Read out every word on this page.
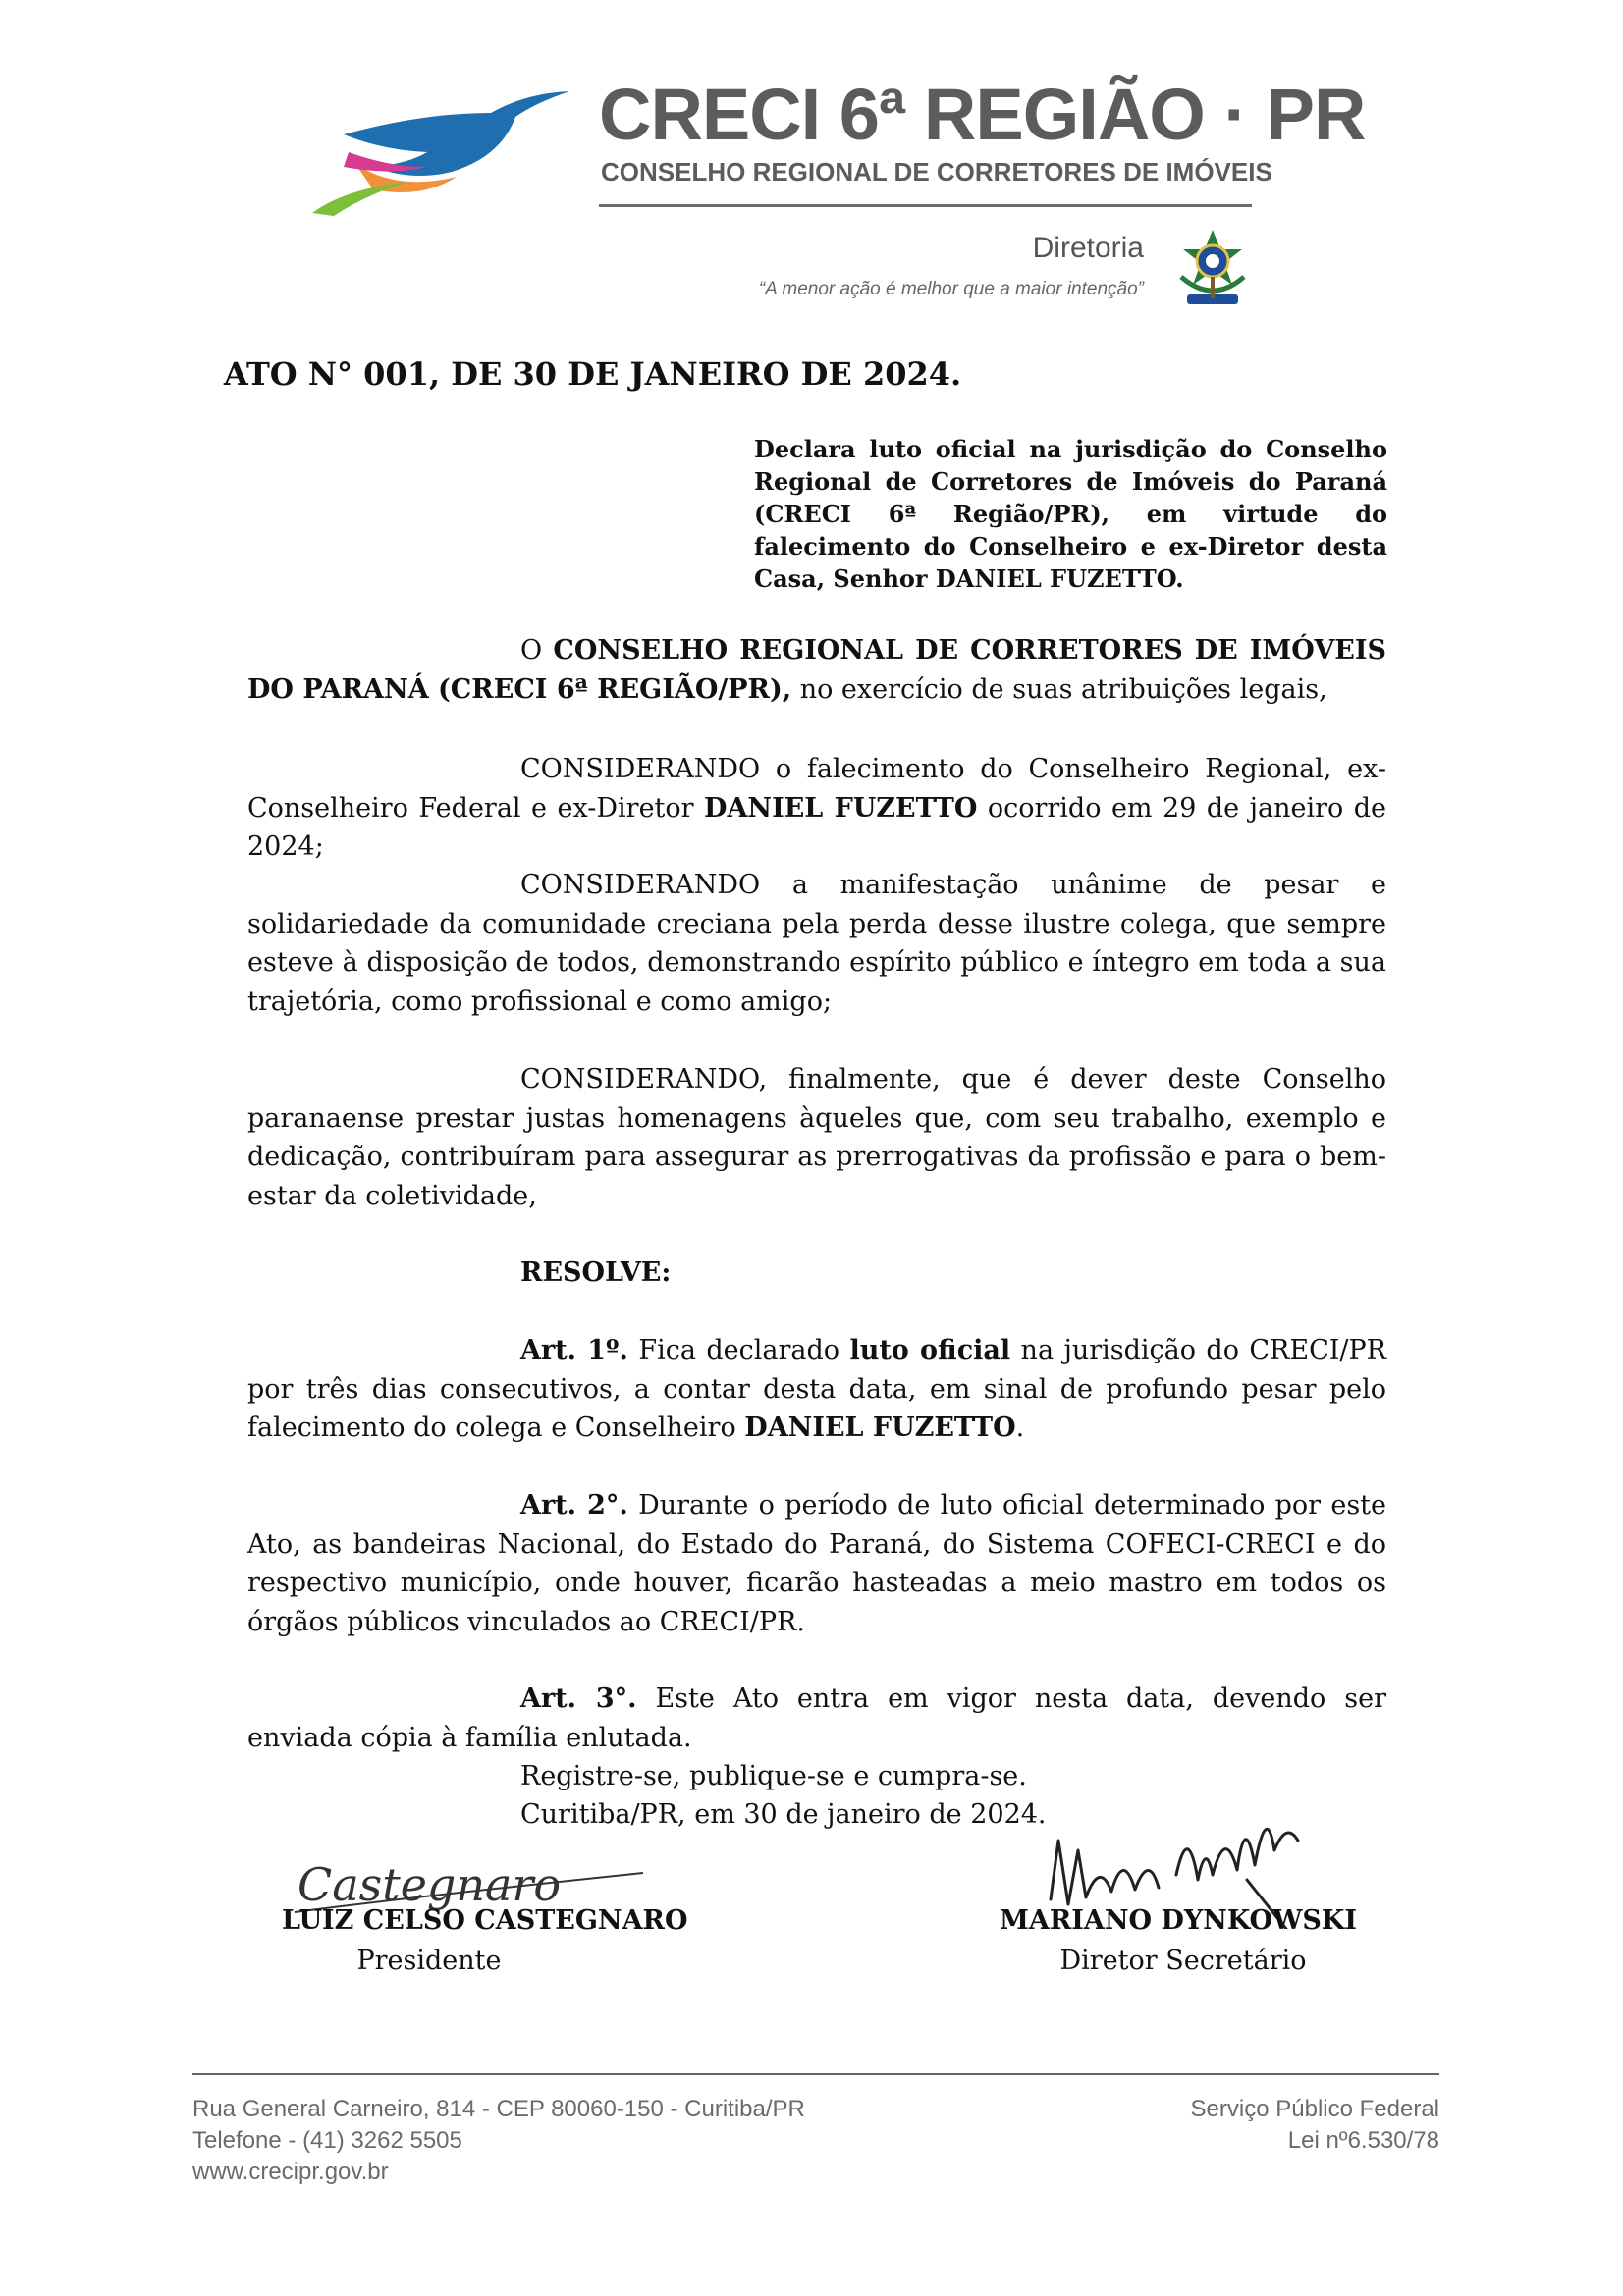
CRECI 6ª REGIÃO · PR
CONSELHO REGIONAL DE CORRETORES DE IMÓVEIS
Diretoria
“A menor ação é melhor que a maior intenção”
ATO N° 001, DE 30 DE JANEIRO DE 2024.
Declara luto oficial na jurisdição do Conselho Regional de Corretores de Imóveis do Paraná (CRECI 6ª Região/PR), em virtude do falecimento do Conselheiro e ex-Diretor desta Casa, Senhor DANIEL FUZETTO.
O CONSELHO REGIONAL DE CORRETORES DE IMÓVEIS DO PARANÁ (CRECI 6ª REGIÃO/PR), no exercício de suas atribuições legais,
CONSIDERANDO o falecimento do Conselheiro Regional, ex-Conselheiro Federal e ex-Diretor DANIEL FUZETTO ocorrido em 29 de janeiro de 2024;
CONSIDERANDO a manifestação unânime de pesar e solidariedade da comunidade creciana pela perda desse ilustre colega, que sempre esteve à disposição de todos, demonstrando espírito público e íntegro em toda a sua trajetória, como profissional e como amigo;
CONSIDERANDO, finalmente, que é dever deste Conselho paranaense prestar justas homenagens àqueles que, com seu trabalho, exemplo e dedicação, contribuíram para assegurar as prerrogativas da profissão e para o bem-estar da coletividade,
RESOLVE:
Art. 1º. Fica declarado luto oficial na jurisdição do CRECI/PR por três dias consecutivos, a contar desta data, em sinal de profundo pesar pelo falecimento do colega e Conselheiro DANIEL FUZETTO.
Art. 2°. Durante o período de luto oficial determinado por este Ato, as bandeiras Nacional, do Estado do Paraná, do Sistema COFECI-CRECI e do respectivo município, onde houver, ficarão hasteadas a meio mastro em todos os órgãos públicos vinculados ao CRECI/PR.
Art. 3°. Este Ato entra em vigor nesta data, devendo ser enviada cópia à família enlutada.
Registre-se, publique-se e cumpra-se.
Curitiba/PR, em 30 de janeiro de 2024.
Castegnaro
LUIZ CELSO CASTEGNARO
Presidente
MARIANO DYNKOWSKI
Diretor Secretário
Rua General Carneiro, 814 - CEP 80060-150 - Curitiba/PR
Telefone - (41) 3262 5505
www.crecipr.gov.br
Serviço Público Federal
Lei nº6.530/78
